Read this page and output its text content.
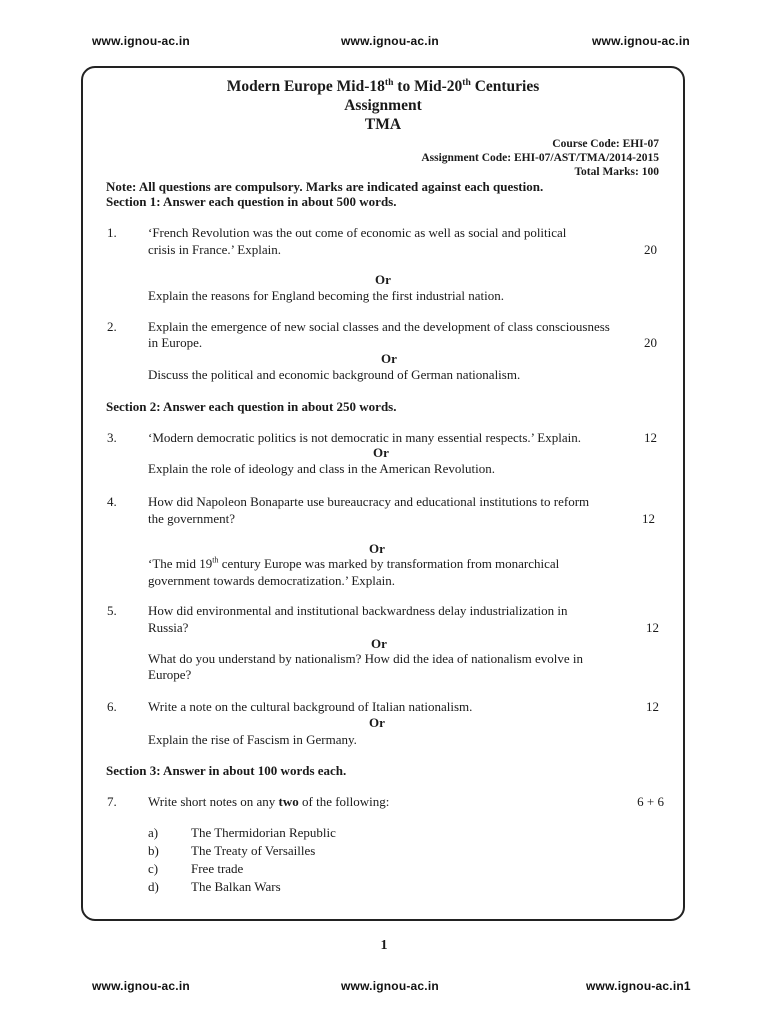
www.ignou-ac.in	www.ignou-ac.in	www.ignou-ac.in
Modern Europe Mid-18th to Mid-20th Centuries
Assignment
TMA
Course Code: EHI-07
Assignment Code: EHI-07/AST/TMA/2014-2015
Total Marks: 100
Note: All questions are compulsory. Marks are indicated against each question.
Section 1: Answer each question in about 500 words.
1. ‘French Revolution was the out come of economic as well as social and political
crisis in France.’ Explain.	20
Or
Explain the reasons for England becoming the first industrial nation.
2. Explain the emergence of new social classes and the development of class consciousness
in Europe.	20
Or
Discuss the political and economic background of German nationalism.
Section 2: Answer each question in about 250 words.
3. ‘Modern democratic politics is not democratic in many essential respects.’ Explain.	12
Or
Explain the role of ideology and class in the American Revolution.
4. How did Napoleon Bonaparte use bureaucracy and educational institutions to reform
the government?	12
Or
‘The mid 19th century Europe was marked by transformation from monarchical
government towards democratization.’ Explain.
5. How did environmental and institutional backwardness delay industrialization in
Russia?	12
Or
What do you understand by nationalism? How did the idea of nationalism evolve in
Europe?
6. Write a note on the cultural background of Italian nationalism.	12
Or
Explain the rise of Fascism in Germany.
Section 3: Answer in about 100 words each.
7. Write short notes on any two of the following:	6 + 6
a)	The Thermidorian Republic
b) The Treaty of Versailles
c)	Free trade
d) The Balkan Wars
1
www.ignou-ac.in	www.ignou-ac.in	www.ignou-ac.in1
